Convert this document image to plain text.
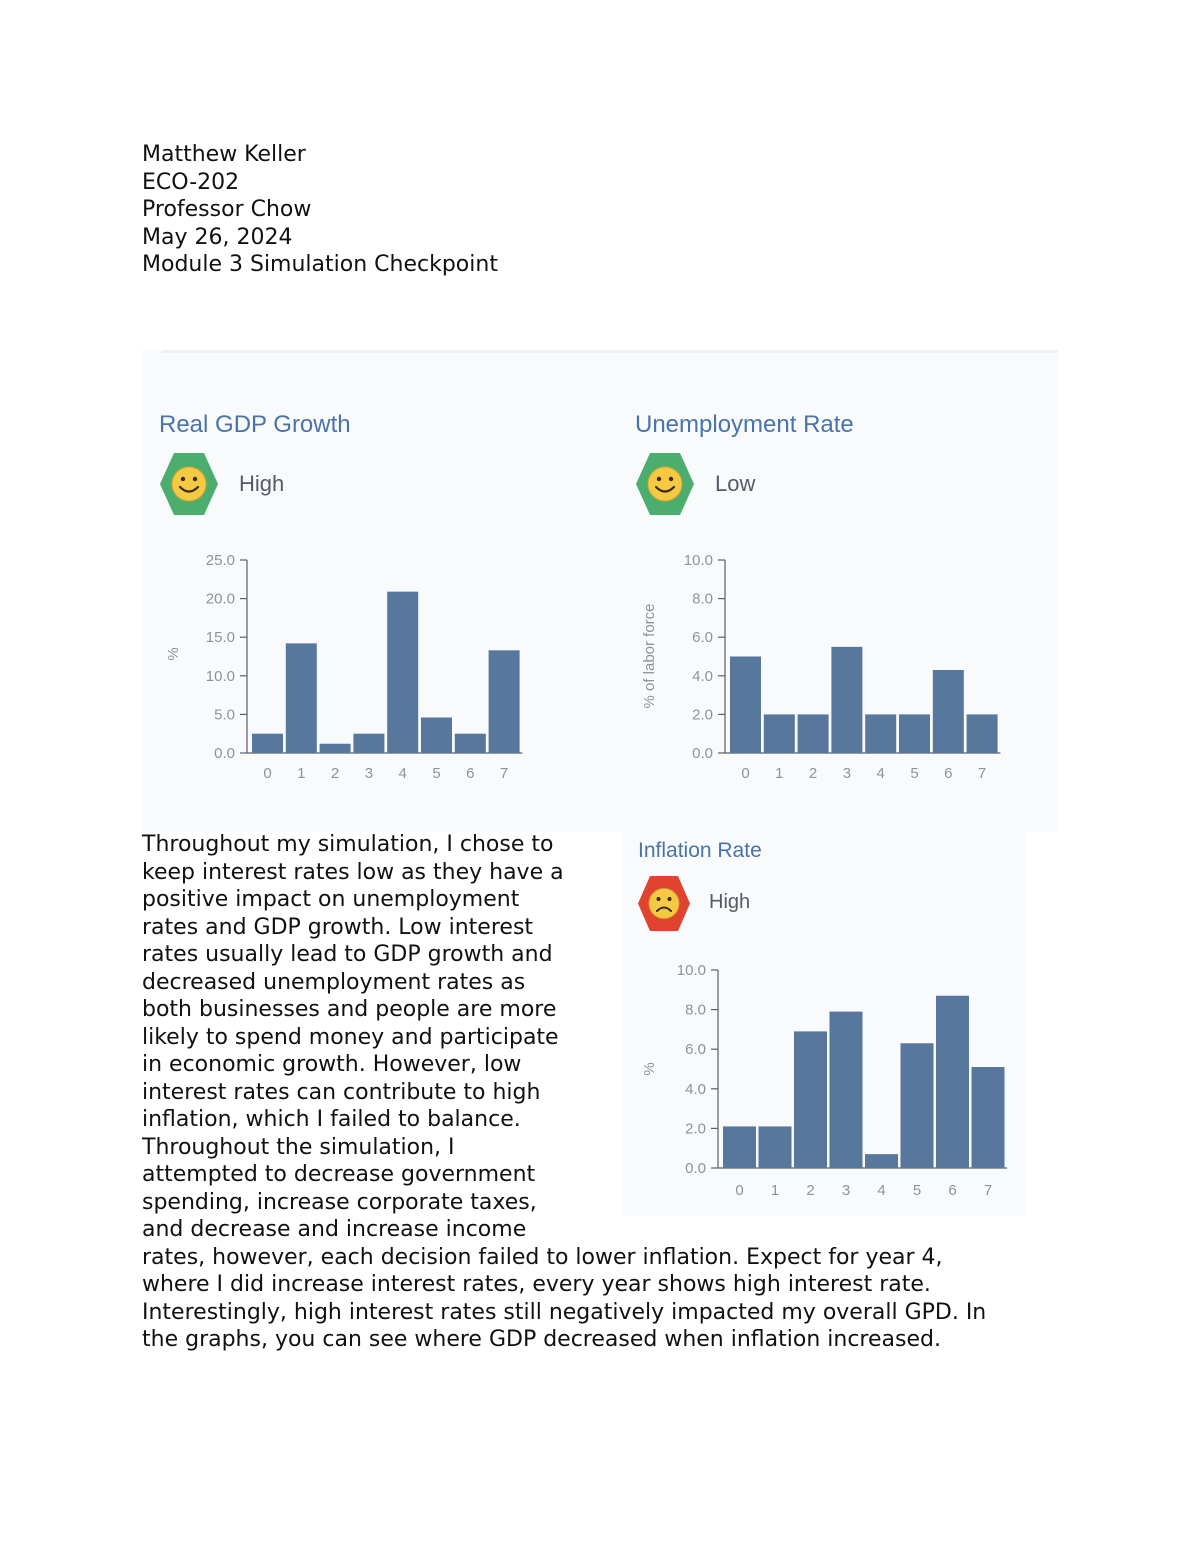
Matthew Keller
ECO-202
Professor Chow
May 26, 2024
Module 3 Simulation Checkpoint
Real GDP Growth
High
Unemployment Rate
Low
Inflation Rate
High
0.0
5.0
10.0
15.0
20.0
25.0
%
0 1 2 3 4 5 6 7
0.0
2.0
4.0
6.0
8.0
10.0
% of labor force
0 1 2 3 4 5 6 7
0.0
2.0
4.0
6.0
8.0
10.0
%
0 1 2 3 4 5 6 7
Throughout my simulation, I chose to
keep interest rates low as they have a
positive impact on unemployment
rates and GDP growth. Low interest
rates usually lead to GDP growth and
decreased unemployment rates as
both businesses and people are more
likely to spend money and participate
in economic growth. However, low
interest rates can contribute to high
inflation, which I failed to balance.
Throughout the simulation, I
attempted to decrease government
spending, increase corporate taxes,
and decrease and increase income
rates, however, each decision failed to lower inflation. Expect for year 4,
where I did increase interest rates, every year shows high interest rate.
Interestingly, high interest rates still negatively impacted my overall GPD. In
the graphs, you can see where GDP decreased when inflation increased.
